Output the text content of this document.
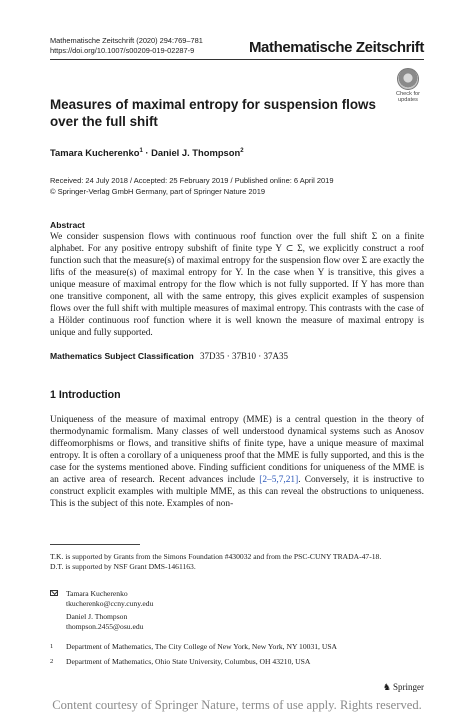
Mathematische Zeitschrift (2020) 294:769–781
https://doi.org/10.1007/s00209-019-02287-9	Mathematische Zeitschrift
Check for
updates
Measures of maximal entropy for suspension flows over the full shift
Tamara Kucherenko$^1$ · Daniel J. Thompson$^2$
Received: 24 July 2018 / Accepted: 25 February 2019 / Published online: 6 April 2019
© Springer-Verlag GmbH Germany, part of Springer Nature 2019
Abstract

We consider suspension flows with continuous roof function over the full shift Σ on a finite alphabet. For any positive entropy subshift of finite type Y ⊂ Σ, we explicitly construct a roof function such that the measure(s) of maximal entropy for the suspension flow over Σ are exactly the lifts of the measure(s) of maximal entropy for Y. In the case when Y is transitive, this gives a unique measure of maximal entropy for the flow which is not fully supported. If Y has more than one transitive component, all with the same entropy, this gives explicit examples of suspension flows over the full shift with multiple measures of maximal entropy. This contrasts with the case of a Hölder continuous roof function where it is well known the measure of maximal entropy is unique and fully supported.

Mathematics Subject Classification 37D35 · 37B10 · 37A35
1 Introduction

Uniqueness of the measure of maximal entropy (MME) is a central question in the theory of thermodynamic formalism. Many classes of well understood dynamical systems such as Anosov diffeomorphisms or flows, and transitive shifts of finite type, have a unique measure of maximal entropy. It is often a corollary of a uniqueness proof that the MME is fully supported, and this is the case for the systems mentioned above. Finding sufficient conditions for uniqueness of the MME is an active area of research. Recent advances include [2–5,7,21]. Conversely, it is instructive to construct explicit examples with multiple MME, as this can reveal the obstructions to uniqueness. This is the subject of this note. Examples of non-

T.K. is supported by Grants from the Simons Foundation #430032 and from the PSC-CUNY TRADA-47-18.
D.T. is supported by NSF Grant DMS-1461163.
Tamara Kucherenko
tkucherenko@ccny.cuny.edu
Daniel J. Thompson
thompson.2455@osu.edu
1 Department of Mathematics, The City College of New York, New York, NY 10031, USA
2 Department of Mathematics, Ohio State University, Columbus, OH 43210, USA
♞ Springer
Content courtesy of Springer Nature, terms of use apply. Rights reserved.
